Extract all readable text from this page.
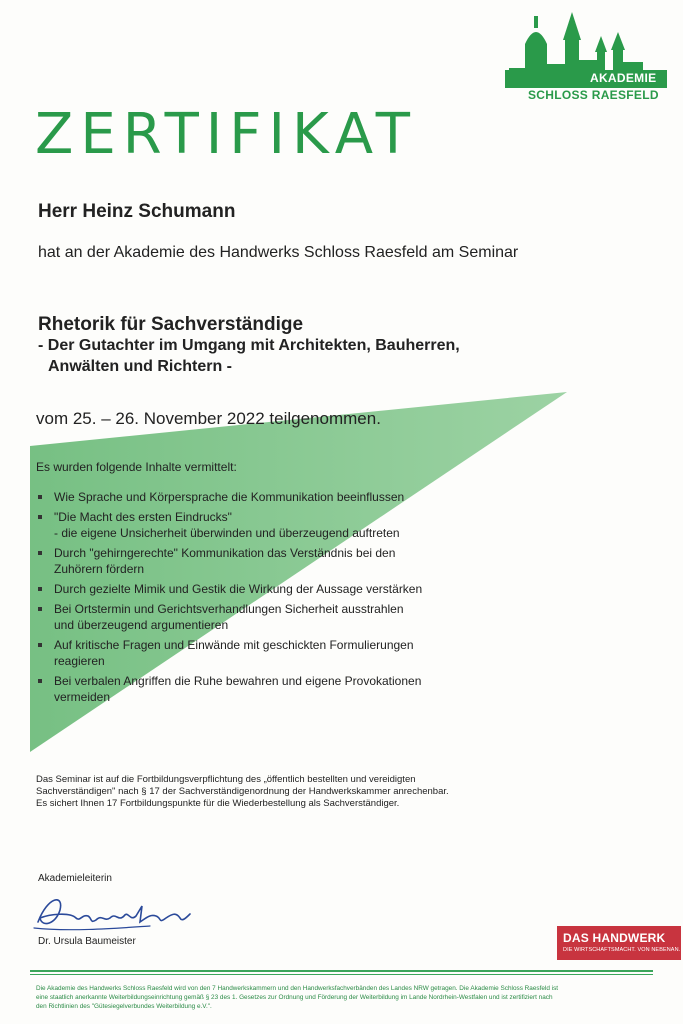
AKADEMIE
SCHLOSS RAESFELD
ZERTIFIKAT
Herr Heinz Schumann
hat an der Akademie des Handwerks Schloss Raesfeld am Seminar
Rhetorik für Sachverständige
- Der Gutachter im Umgang mit Architekten, Bauherren,
Anwälten und Richtern -
vom 25. – 26. November 2022 teilgenommen.
Es wurden folgende Inhalte vermittelt:
Wie Sprache und Körpersprache die Kommunikation beeinflussen
"Die Macht des ersten Eindrucks"
- die eigene Unsicherheit überwinden und überzeugend auftreten
Durch "gehirngerechte" Kommunikation das Verständnis bei den
Zuhörern fördern
Durch gezielte Mimik und Gestik die Wirkung der Aussage verstärken
Bei Ortstermin und Gerichtsverhandlungen Sicherheit ausstrahlen
und überzeugend argumentieren
Auf kritische Fragen und Einwände mit geschickten Formulierungen
reagieren
Bei verbalen Angriffen die Ruhe bewahren und eigene Provokationen
vermeiden
Das Seminar ist auf die Fortbildungsverpflichtung des „öffentlich bestellten und vereidigten
Sachverständigen" nach § 17 der Sachverständigenordnung der Handwerkskammer anrechenbar.
Es sichert Ihnen 17 Fortbildungspunkte für die Wiederbestellung als Sachverständiger.
Akademieleiterin
Dr. Ursula Baumeister	DAS HANDWERK
DIE WIRTSCHAFTSMACHT. VON NEBENAN.
Die Akademie des Handwerks Schloss Raesfeld wird von den 7 Handwerkskammern und den Handwerksfachverbänden des Landes NRW getragen. Die Akademie Schloss Raesfeld ist
eine staatlich anerkannte Weiterbildungseinrichtung gemäß § 23 des 1. Gesetzes zur Ordnung und Förderung der Weiterbildung im Lande Nordrhein-Westfalen und ist zertifiziert nach
den Richtlinien des "Gütesiegelverbundes Weiterbildung e.V.".
